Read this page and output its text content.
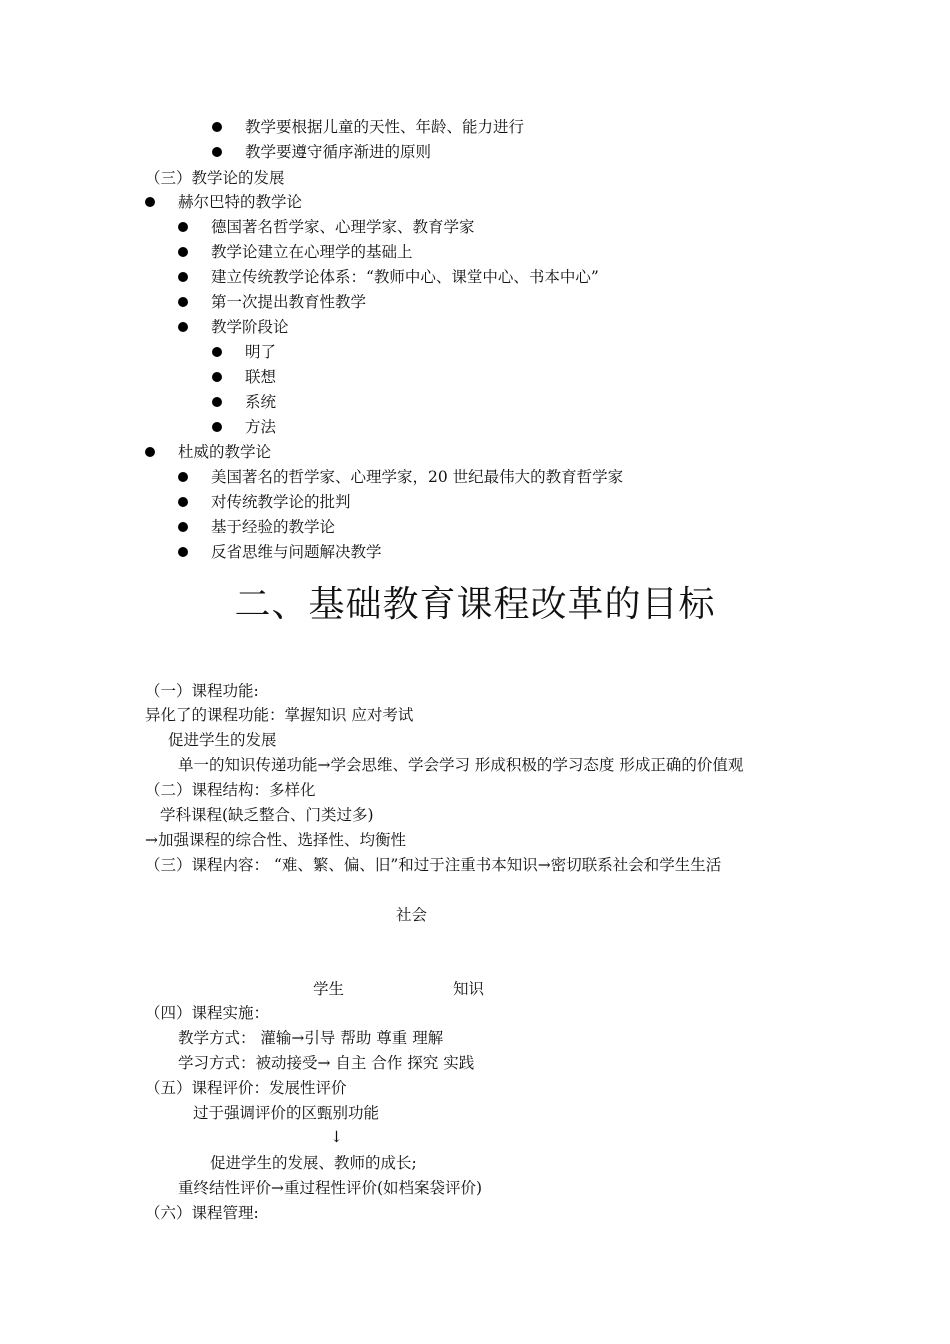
教学要根据儿童的天性、年龄、能力进行
教学要遵守循序渐进的原则
（三）教学论的发展
赫尔巴特的教学论
德国著名哲学家、心理学家、教育学家
教学论建立在心理学的基础上
建立传统教学论体系：“教师中心、课堂中心、书本中心”
第一次提出教育性教学
教学阶段论
明了
联想
系统
方法
杜威的教学论
美国著名的哲学家、心理学家，20 世纪最伟大的教育哲学家
对传统教学论的批判
基于经验的教学论
反省思维与问题解决教学
二、基础教育课程改革的目标
（一）课程功能:
异化了的课程功能：掌握知识 应对考试
促进学生的发展
单一的知识传递功能→学会思维、学会学习 形成积极的学习态度 形成正确的价值观
（二）课程结构：多样化
学科课程(缺乏整合、门类过多)
→加强课程的综合性、选择性、均衡性
（三）课程内容： “难、繁、偏、旧”和过于注重书本知识→密切联系社会和学生生活
社会
学生	知识
（四）课程实施：
教学方式： 灌输→引导 帮助 尊重 理解
学习方式：被动接受→ 自主 合作 探究 实践
（五）课程评价：发展性评价
过于强调评价的区甄别功能
↓
促进学生的发展、教师的成长;
重终结性评价→重过程性评价(如档案袋评价)
（六）课程管理:
